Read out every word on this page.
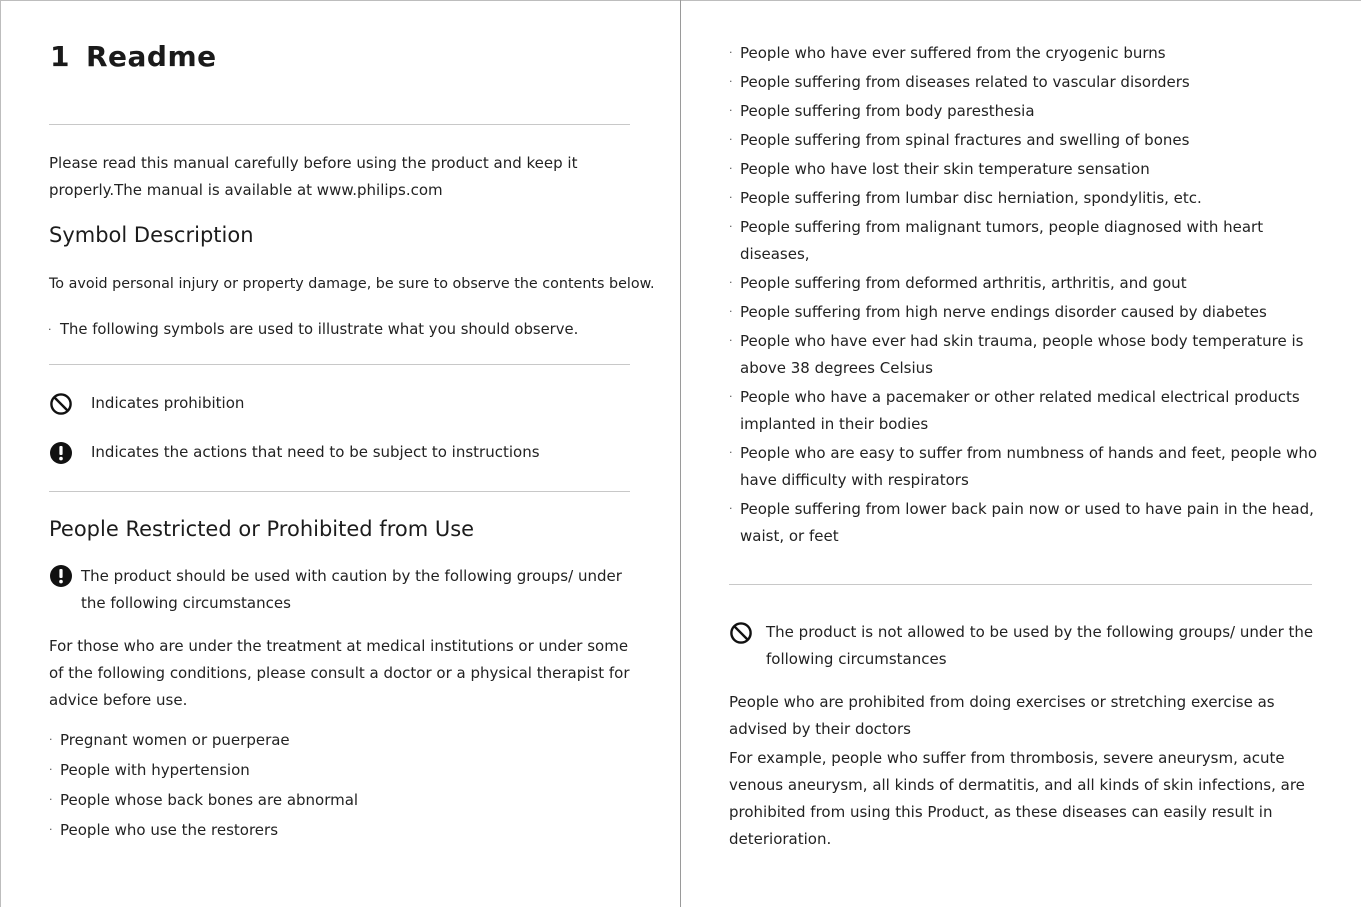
1 Readme

Please read this manual carefully before using the product and keep it properly.The manual is available at www.philips.com

Symbol Description

To avoid personal injury or property damage, be sure to observe the contents below.

· The following symbols are used to illustrate what you should observe.
Indicates prohibition
Indicates the actions that need to be subject to instructions
People Restricted or Prohibited from Use

The product should be used with caution by the following groups/ under the following circumstances

For those who are under the treatment at medical institutions or under some of the following conditions, please consult a doctor or a physical therapist for advice before use.

· Pregnant women or puerperae
· People with hypertension
· People whose back bones are abnormal
· People who use the restorers
· People who have ever suffered from the cryogenic burns
· People suffering from diseases related to vascular disorders
· People suffering from body paresthesia
· People suffering from spinal fractures and swelling of bones
· People who have lost their skin temperature sensation
· People suffering from lumbar disc herniation, spondylitis, etc.
· People suffering from malignant tumors, people diagnosed with heart diseases,
· People suffering from deformed arthritis, arthritis, and gout
· People suffering from high nerve endings disorder caused by diabetes
· People who have ever had skin trauma, people whose body temperature is above 38 degrees Celsius
· People who have a pacemaker or other related medical electrical products implanted in their bodies
· People who are easy to suffer from numbness of hands and feet, people who have difficulty with respirators
· People suffering from lower back pain now or used to have pain in the head, waist, or feet

The product is not allowed to be used by the following groups/ under the following circumstances

People who are prohibited from doing exercises or stretching exercise as advised by their doctors

For example, people who suffer from thrombosis, severe aneurysm, acute venous aneurysm, all kinds of dermatitis, and all kinds of skin infections, are prohibited from using this Product, as these diseases can easily result in deterioration.
